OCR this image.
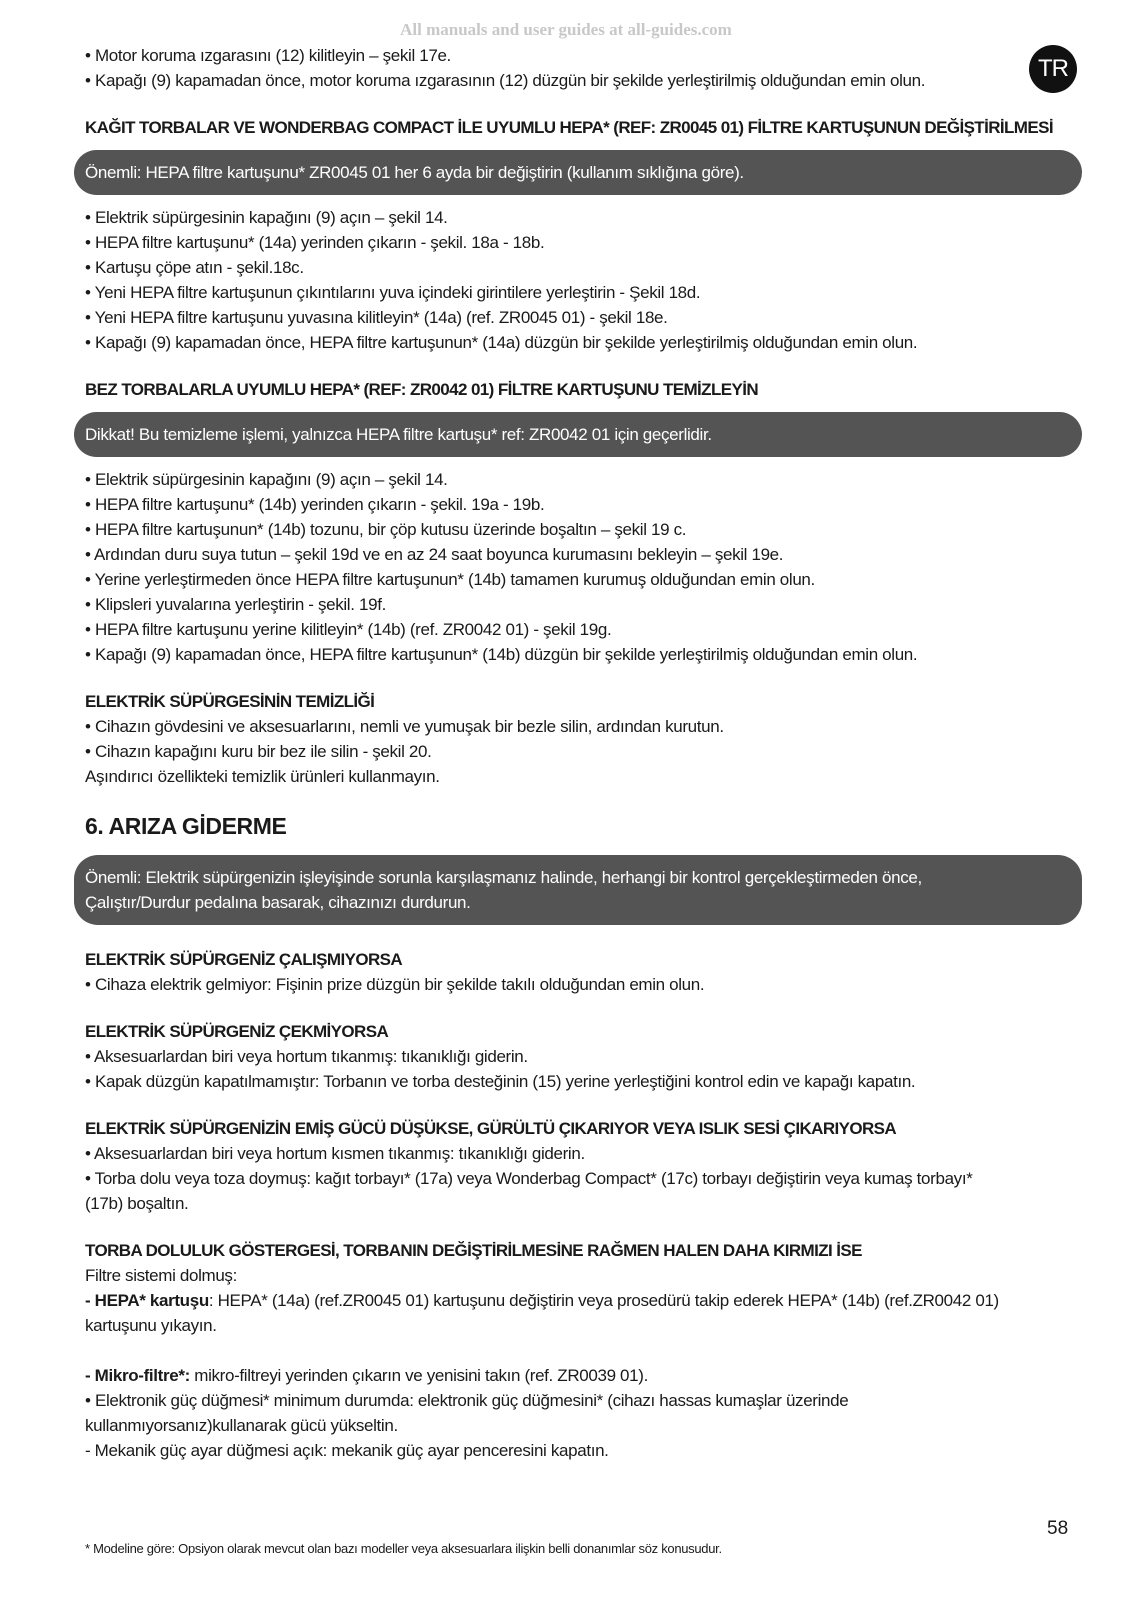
All manuals and user guides at all-guides.com
TR

• Motor koruma ızgarasını (12) kilitleyin – şekil 17e.

• Kapağı (9) kapamadan önce, motor koruma ızgarasının (12) düzgün bir şekilde yerleştirilmiş olduğundan emin olun.

KAĞIT TORBALAR VE WONDERBAG COMPACT İLE UYUMLU HEPA* (REF: ZR0045 01) FİLTRE KARTUŞUNUN DEĞİŞTİRİLMESİ

Önemli: HEPA filtre kartuşunu* ZR0045 01 her 6 ayda bir değiştirin (kullanım sıklığına göre).

• Elektrik süpürgesinin kapağını (9) açın – şekil 14.

• HEPA filtre kartuşunu* (14a) yerinden çıkarın - şekil. 18a - 18b.

• Kartuşu çöpe atın - şekil.18c.

• Yeni HEPA filtre kartuşunun çıkıntılarını yuva içindeki girintilere yerleştirin - Şekil 18d.

• Yeni HEPA filtre kartuşunu yuvasına kilitleyin* (14a) (ref. ZR0045 01) - şekil 18e.

• Kapağı (9) kapamadan önce, HEPA filtre kartuşunun* (14a) düzgün bir şekilde yerleştirilmiş olduğundan emin olun.

BEZ TORBALARLA UYUMLU HEPA* (REF: ZR0042 01) FİLTRE KARTUŞUNU TEMİZLEYİN

Dikkat! Bu temizleme işlemi, yalnızca HEPA filtre kartuşu* ref: ZR0042 01 için geçerlidir.

• Elektrik süpürgesinin kapağını (9) açın – şekil 14.

• HEPA filtre kartuşunu* (14b) yerinden çıkarın - şekil. 19a - 19b.

• HEPA filtre kartuşunun* (14b) tozunu, bir çöp kutusu üzerinde boşaltın – şekil 19 c.

• Ardından duru suya tutun – şekil 19d ve en az 24 saat boyunca kurumasını bekleyin – şekil 19e.

• Yerine yerleştirmeden önce HEPA filtre kartuşunun* (14b) tamamen kurumuş olduğundan emin olun.

• Klipsleri yuvalarına yerleştirin - şekil. 19f.

• HEPA filtre kartuşunu yerine kilitleyin* (14b) (ref. ZR0042 01) - şekil 19g.

• Kapağı (9) kapamadan önce, HEPA filtre kartuşunun* (14b) düzgün bir şekilde yerleştirilmiş olduğundan emin olun.

ELEKTRİK SÜPÜRGESİNİN TEMİZLİĞİ

• Cihazın gövdesini ve aksesuarlarını, nemli ve yumuşak bir bezle silin, ardından kurutun.

• Cihazın kapağını kuru bir bez ile silin - şekil 20.

Aşındırıcı özellikteki temizlik ürünleri kullanmayın.

6. ARIZA GİDERME

Önemli: Elektrik süpürgenizin işleyişinde sorunla karşılaşmanız halinde, herhangi bir kontrol gerçekleştirmeden önce,
Çalıştır/Durdur pedalına basarak, cihazınızı durdurun.

ELEKTRİK SÜPÜRGENİZ ÇALIŞMIYORSA

• Cihaza elektrik gelmiyor: Fişinin prize düzgün bir şekilde takılı olduğundan emin olun.

ELEKTRİK SÜPÜRGENİZ ÇEKMİYORSA

• Aksesuarlardan biri veya hortum tıkanmış: tıkanıklığı giderin.

• Kapak düzgün kapatılmamıştır: Torbanın ve torba desteğinin (15) yerine yerleştiğini kontrol edin ve kapağı kapatın.

ELEKTRİK SÜPÜRGENİZİN EMİŞ GÜCÜ DÜŞÜKSE, GÜRÜLTÜ ÇIKARIYOR VEYA ISLIK SESİ ÇIKARIYORSA

• Aksesuarlardan biri veya hortum kısmen tıkanmış: tıkanıklığı giderin.

• Torba dolu veya toza doymuş: kağıt torbayı* (17a) veya Wonderbag Compact* (17c) torbayı değiştirin veya kumaş torbayı*

(17b) boşaltın.

TORBA DOLULUK GÖSTERGESİ, TORBANIN DEĞİŞTİRİLMESİNE RAĞMEN HALEN DAHA KIRMIZI İSE

Filtre sistemi dolmuş:

- HEPA* kartuşu: HEPA* (14a) (ref.ZR0045 01) kartuşunu değiştirin veya prosedürü takip ederek HEPA* (14b) (ref.ZR0042 01)

kartuşunu yıkayın.

- Mikro-filtre*: mikro-filtreyi yerinden çıkarın ve yenisini takın (ref. ZR0039 01).

• Elektronik güç düğmesi* minimum durumda: elektronik güç düğmesini* (cihazı hassas kumaşlar üzerinde

kullanmıyorsanız)kullanarak gücü yükseltin.

- Mekanik güç ayar düğmesi açık: mekanik güç ayar penceresini kapatın.

58
* Modeline göre: Opsiyon olarak mevcut olan bazı modeller veya aksesuarlara ilişkin belli donanımlar söz konusudur.
